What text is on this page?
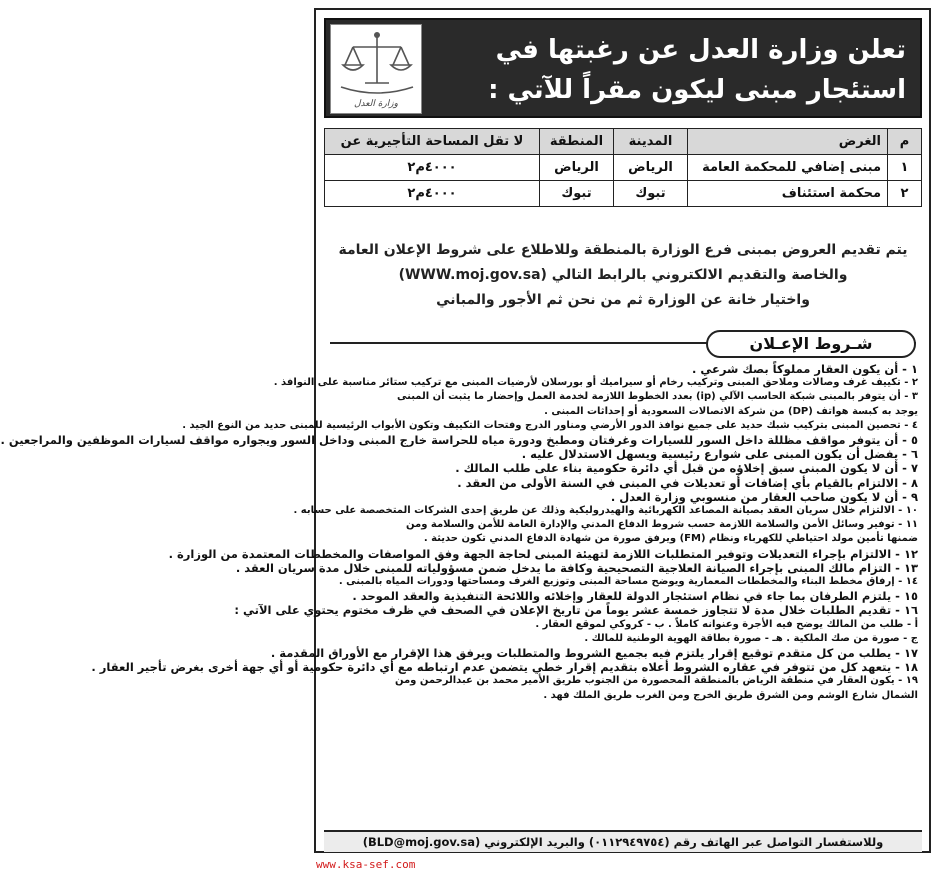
تعلن وزارة العدل عن رغبتها في
استئجار مبنى ليكون مقراً للآتي :
وزارة العدل
م	الغرض	المدينة	المنطقة	لا تقل المساحة التأجيرية عن
١	مبنى إضافي للمحكمة العامة	الرياض	الرياض	٤٠٠٠م٢
٢	محكمة استئناف	تبوك	تبوك	٤٠٠٠م٢
يتم تقديم العروض بمبنى فرع الوزارة بالمنطقة وللاطلاع على شروط الإعلان العامة
والخاصة والتقديم الالكتروني بالرابط التالي (WWW.moj.gov.sa)
واختيار خانة عن الوزارة ثم من نحن ثم الأجور والمباني
شـروط الإعـلان
١ - أن يكون العقار مملوكاً بصك شرعي .
٢ - تكييف غرف وصالات وملاحق المبنى وتركيب رخام أو سيراميك أو بورسلان لأرضيات المبنى مع تركيب ستائر مناسبة على النوافذ .
٣ - أن يتوفر بالمبنى شبكة الحاسب الآلي (ip) بعدد الخطوط اللازمة لخدمة العمل وإحضار ما يثبت أن المبنى
يوجد به كبسة هواتف (DP) من شركة الاتصالات السعودية أو إحداثات المبنى .
٤ - تحصين المبنى بتركيب شبك حديد على جميع نوافذ الدور الأرضي ومناور الدرج وفتحات التكييف وتكون الأبواب الرئيسية للمبنى حديد من النوع الجيد .
٥ - أن يتوفر مواقف مظللة داخل السور للسيارات وغرفتان ومطبخ ودورة مياه للحراسة خارج المبنى وداخل السور ويجواره مواقف لسيارات الموظفين والمراجعين .
٦ - يفضل أن يكون المبنى على شوارع رئيسية ويسهل الاستدلال عليه .
٧ - أن لا يكون المبنى سبق إخلاؤه من قبل أي دائرة حكومية بناء على طلب المالك .
٨ - الالتزام بالقيام بأي إضافات أو تعديلات في المبنى في السنة الأولى من العقد .
٩ - أن لا يكون صاحب العقار من منسوبي وزارة العدل .
١٠ - الالتزام خلال سريان العقد بصيانة المصاعد الكهربائية والهيدروليكية وذلك عن طريق إحدى الشركات المتخصصة على حسابه .
١١ - توفير وسائل الأمن والسلامة اللازمة حسب شروط الدفاع المدني والإدارة العامة للأمن والسلامة ومن
ضمنها تأمين مولد احتياطي للكهرباء ونظام (FM) ويرفق صورة من شهادة الدفاع المدني تكون حديثة .
١٢ - الالتزام بإجراء التعديلات وتوفير المتطلبات اللازمة لتهيئة المبنى لحاجة الجهة وفق المواصفات والمخططات المعتمدة من الوزارة .
١٣ - التزام مالك المبنى بإجراء الصيانة العلاجية التصحيحية وكافة ما يدخل ضمن مسؤولياته للمبنى خلال مدة سريان العقد .
١٤ - إرفاق مخطط البناء والمخططات المعمارية ويوضح مساحة المبنى وتوزيع الغرف ومساحتها ودورات المياه بالمبنى .
١٥ - يلتزم الطرفان بما جاء في نظام استئجار الدولة للعقار وإخلائه واللائحة التنفيذية والعقد الموحد .
١٦ - تقديم الطلبات خلال مدة لا تتجاوز خمسة عشر يوماً من تاريخ الإعلان في الصحف في ظرف مختوم يحتوي على الآتي :
أ - طلب من المالك يوضح فيه الأجرة وعنوانه كاملاً . ب - كروكي لموقع العقار .
ج - صورة من صك الملكية . هـ - صورة بطاقة الهوية الوطنية للمالك .
١٧ - يطلب من كل متقدم توقيع إقرار يلتزم فيه بجميع الشروط والمتطلبات ويرفق هذا الإقرار مع الأوراق المقدمة .
١٨ - يتعهد كل من تتوفر في عقاره الشروط أعلاه بتقديم إقرار خطي يتضمن عدم ارتباطه مع أي دائرة حكومية أو أي جهة أخرى بغرض تأجير العقار .
١٩ - يكون العقار في منطقة الرياض بالمنطقة المحصورة من الجنوب طريق الأمير محمد بن عبدالرحمن ومن
الشمال شارع الوشم ومن الشرق طريق الخرج ومن الغرب طريق الملك فهد .
وللاستفسار التواصل عبر الهاتف رقم (٠١١٢٩٤٩٧٥٤) والبريد الإلكتروني (BLD@moj.gov.sa)
www.ksa-sef.com
